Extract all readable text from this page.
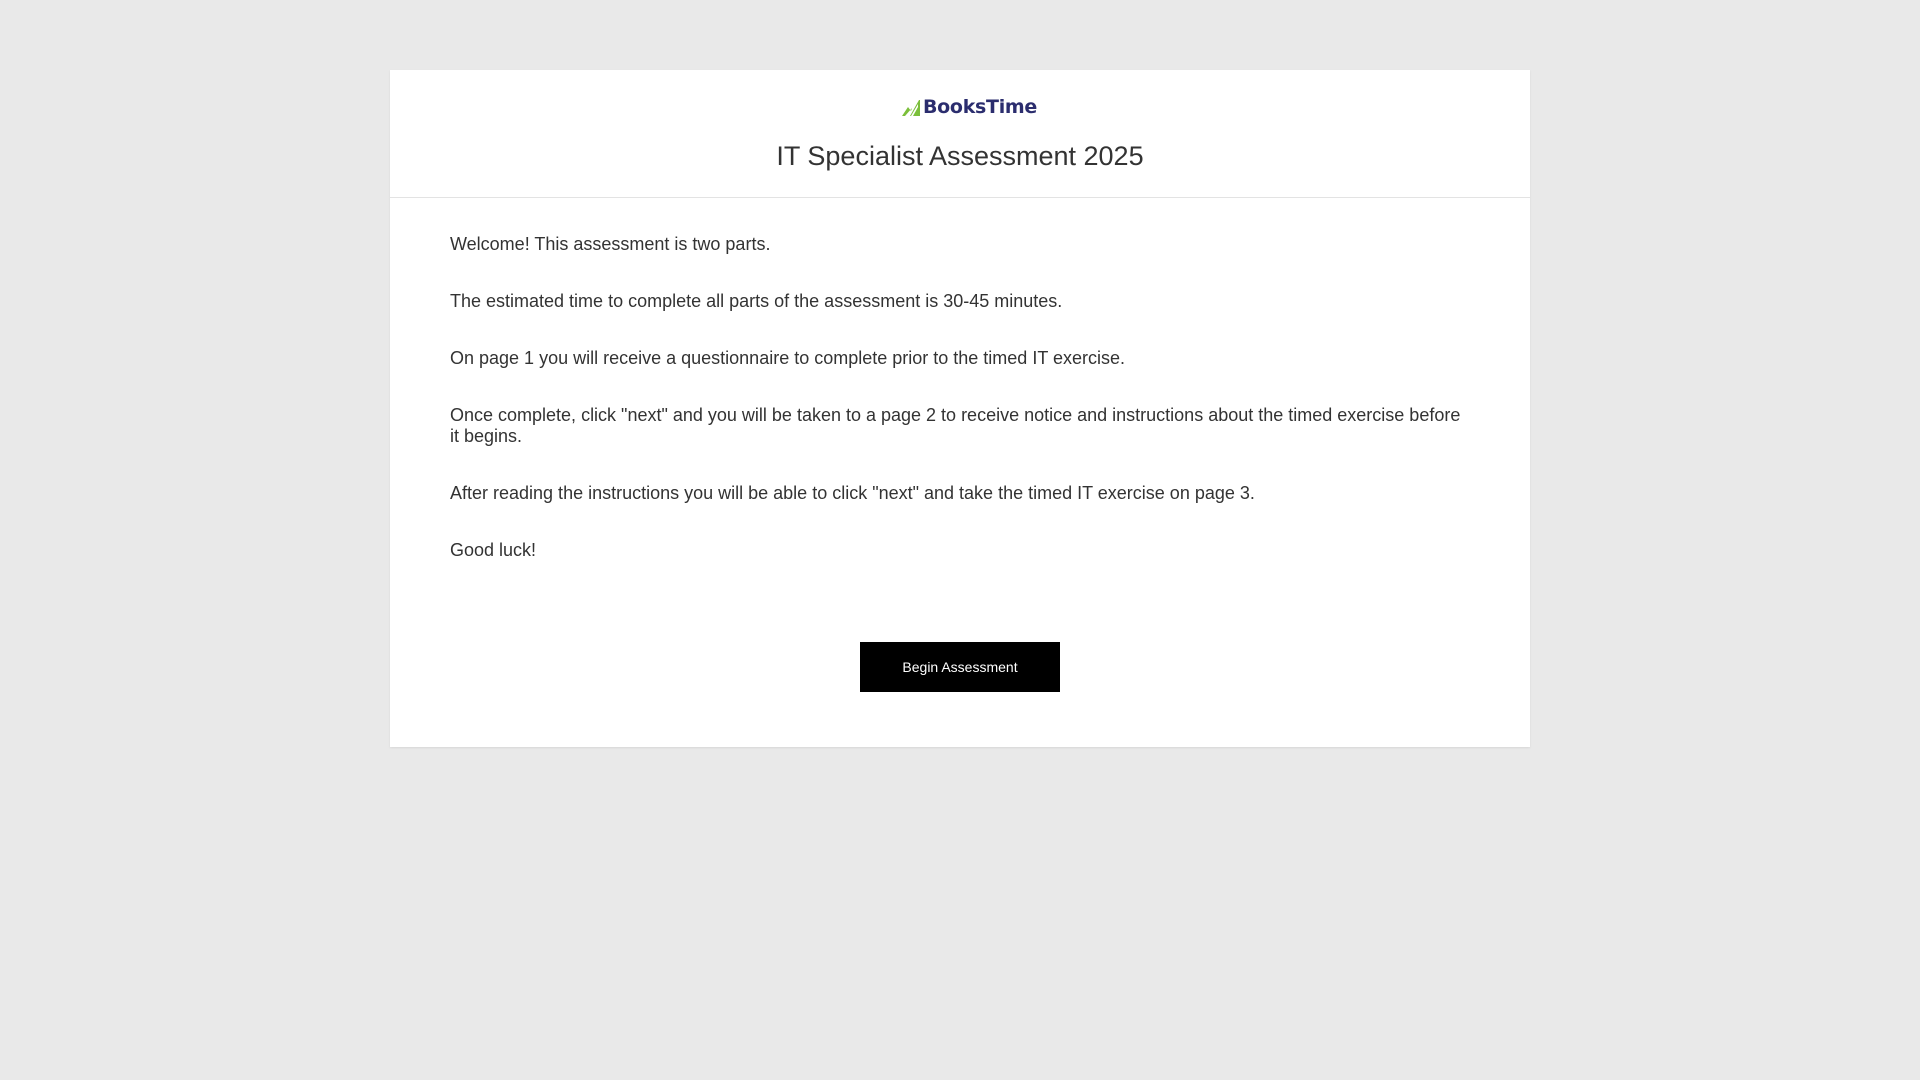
BooksTime
IT Specialist Assessment 2025

Welcome! This assessment is two parts.

The estimated time to complete all parts of the assessment is 30-45 minutes.

On page 1 you will receive a questionnaire to complete prior to the timed IT exercise.

Once complete, click "next" and you will be taken to a page 2 to receive notice and instructions about the timed exercise before it begins.

After reading the instructions you will be able to click "next" and take the timed IT exercise on page 3.

Good luck!

Begin Assessment
